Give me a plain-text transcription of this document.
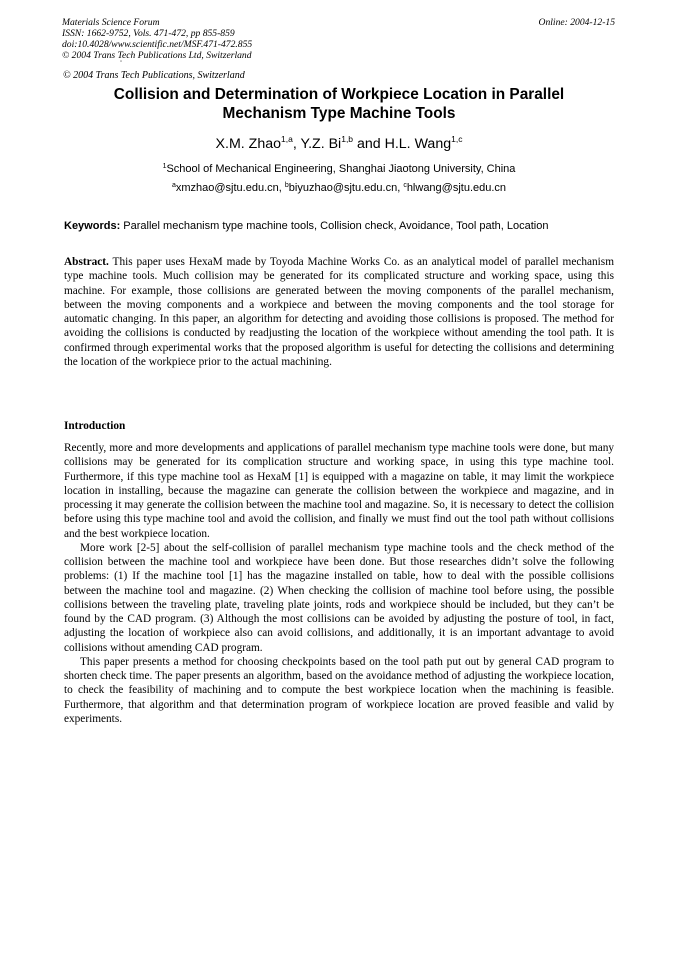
Materials Science Forum
ISSN: 1662-9752, Vols. 471-472, pp 855-859
doi:10.4028/www.scientific.net/MSF.471-472.855
© 2004 Trans Tech Publications Ltd, Switzerland
Online: 2004-12-15
ˇ
© 2004 Trans Tech Publications, Switzerland
Collision and Determination of Workpiece Location in Parallel
Mechanism Type Machine Tools
X.M. Zhao$^{1,a}$, Y.Z. Bi$^{1,b}$ and H.L. Wang$^{1,c}$
$^1$School of Mechanical Engineering, Shanghai Jiaotong University, China
$^a$xmzhao@sjtu.edu.cn, $^b$biyuzhao@sjtu.edu.cn, $^c$hlwang@sjtu.edu.cn
Keywords: Parallel mechanism type machine tools, Collision check, Avoidance, Tool path, Location

Abstract. This paper uses HexaM made by Toyoda Machine Works Co. as an analytical model of parallel mechanism type machine tools. Much collision may be generated for its complicated structure and working space, using this machine. For example, those collisions are generated between the moving components of the parallel mechanism, between the moving components and a workpiece and between the moving components and the tool storage for automatic changing. In this paper, an algorithm for detecting and avoiding those collisions is proposed. The method for avoiding the collisions is conducted by readjusting the location of the workpiece without amending the tool path. It is confirmed through experimental works that the proposed algorithm is useful for detecting the collisions and determining the location of the workpiece prior to the actual machining.

Introduction

Recently, more and more developments and applications of parallel mechanism type machine tools were done, but many collisions may be generated for its complication structure and working space, in using this type machine tool. Furthermore, if this type machine tool as HexaM [1] is equipped with a magazine on table, it may limit the workpiece location in installing, because the magazine can generate the collision between the workpiece and magazine, and in processing it may generate the collision between the machine tool and magazine. So, it is necessary to detect the collision before using this type machine tool and avoid the collision, and finally we must find out the tool path without collisions and the best workpiece location.

More work [2-5] about the self-collision of parallel mechanism type machine tools and the check method of the collision between the machine tool and workpiece have been done. But those researches didn’t solve the following problems: (1) If the machine tool [1] has the magazine installed on table, how to deal with the possible collisions between the machine tool and magazine. (2) When checking the collision of machine tool before using, the possible collisions between the traveling plate, traveling plate joints, rods and workpiece should be included, but they can’t be found by the CAD program. (3) Although the most collisions can be avoided by adjusting the posture of tool, in fact, adjusting the location of workpiece also can avoid collisions, and additionally, it is an important advantage to avoid collisions without amending CAD program.

This paper presents a method for choosing checkpoints based on the tool path put out by general CAD program to shorten check time. The paper presents an algorithm, based on the avoidance method of adjusting the workpiece location, to check the feasibility of machining and to compute the best workpiece location when the machining is feasible. Furthermore, that algorithm and that determination program of workpiece location are proved feasible and valid by experiments.
